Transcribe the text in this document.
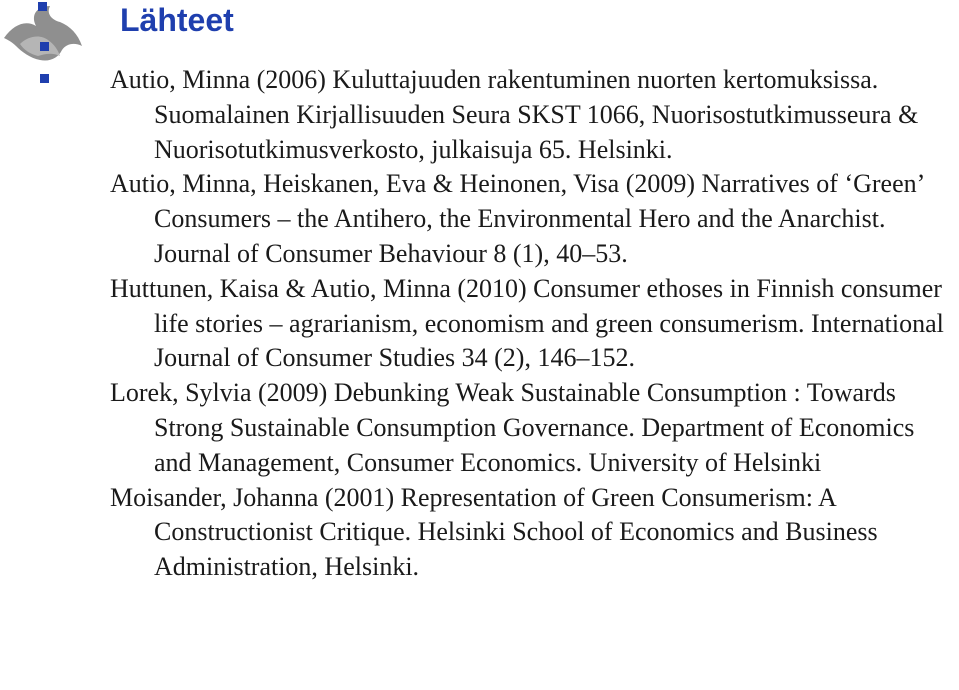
Lähteet
Autio, Minna (2006) Kuluttajuuden rakentuminen nuorten kertomuksissa. Suomalainen Kirjallisuuden Seura SKST 1066, Nuorisostutkimusseura & Nuorisotutkimusverkosto, julkaisuja 65. Helsinki.
Autio, Minna, Heiskanen, Eva & Heinonen, Visa (2009) Narratives of ‘Green’ Consumers – the Antihero, the Environmental Hero and the Anarchist. Journal of Consumer Behaviour 8 (1), 40–53.
Huttunen, Kaisa & Autio, Minna (2010) Consumer ethoses in Finnish consumer life stories – agrarianism, economism and green consumerism. International Journal of Consumer Studies 34 (2), 146–152.
Lorek, Sylvia (2009) Debunking Weak Sustainable Consumption : Towards Strong Sustainable Consumption Governance. Department of Economics and Management, Consumer Economics. University of Helsinki
Moisander, Johanna (2001) Representation of Green Consumerism: A Constructionist Critique. Helsinki School of Economics and Business Administration, Helsinki.
